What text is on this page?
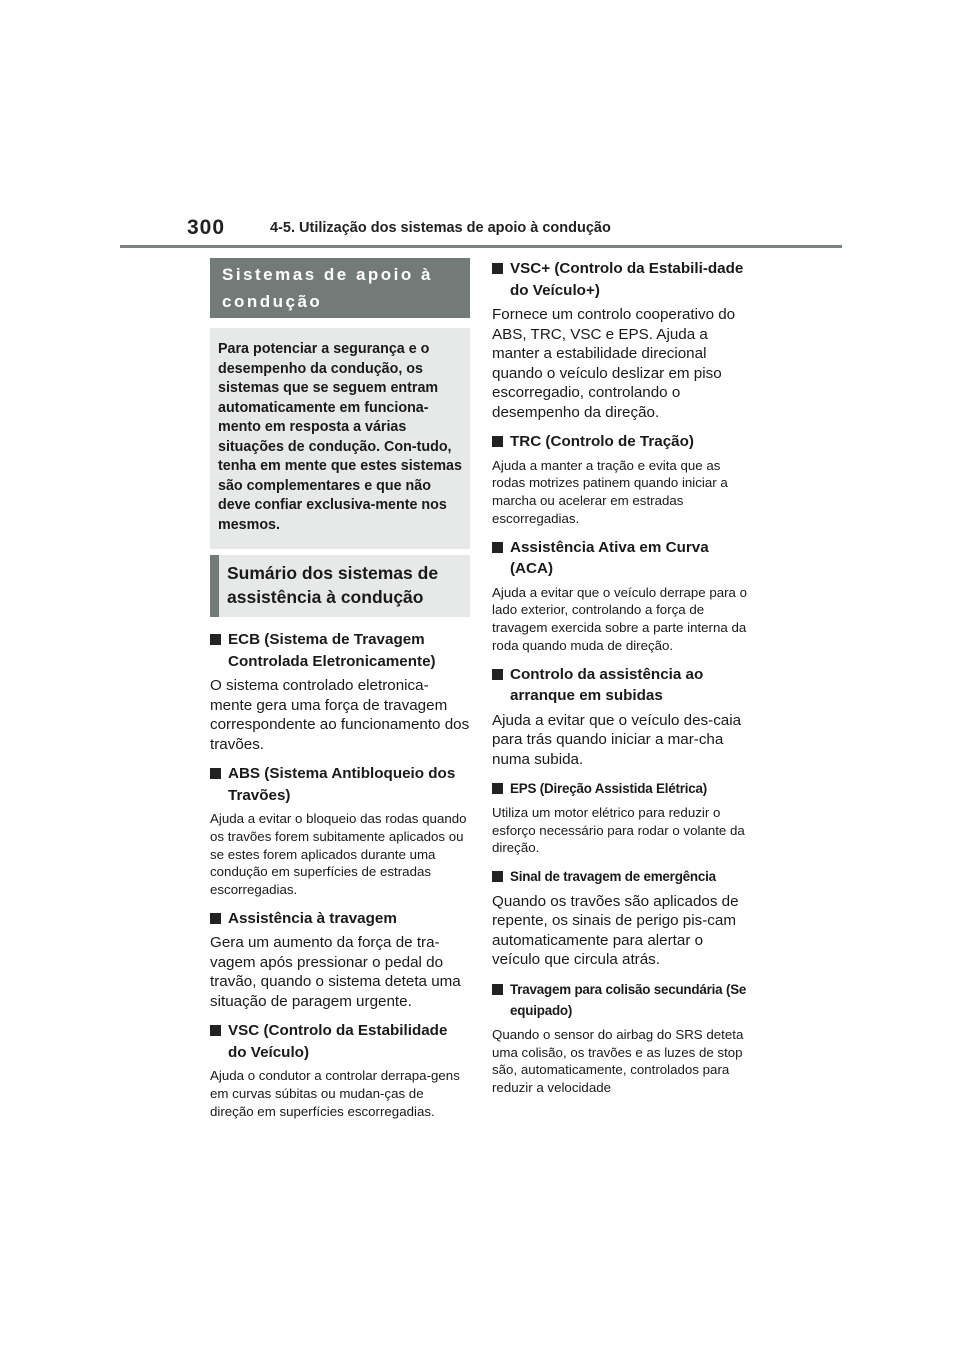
300	4-5. Utilização dos sistemas de apoio à condução
Sistemas de apoio à condução
Para potenciar a segurança e o desempenho da condução, os sistemas que se seguem entram automaticamente em funciona-mento em resposta a várias situações de condução. Con-tudo, tenha em mente que estes sistemas são complementares e que não deve confiar exclusiva-mente nos mesmos.
Sumário dos sistemas de assistência à condução
ECB (Sistema de Travagem Controlada Eletronicamente)
O sistema controlado eletronica-mente gera uma força de travagem correspondente ao funcionamento dos travões.
ABS (Sistema Antibloqueio dos Travões)
Ajuda a evitar o bloqueio das rodas quando os travões forem subitamente aplicados ou se estes forem aplicados durante uma condução em superfícies de estradas escorregadias.
Assistência à travagem
Gera um aumento da força de tra-vagem após pressionar o pedal do travão, quando o sistema deteta uma situação de paragem urgente.
VSC (Controlo da Estabilidade do Veículo)
Ajuda o condutor a controlar derrapa-gens em curvas súbitas ou mudan-ças de direção em superfícies escorregadias.
VSC+ (Controlo da Estabili-dade do Veículo+)
Fornece um controlo cooperativo do ABS, TRC, VSC e EPS. Ajuda a manter a estabilidade direcional quando o veículo deslizar em piso escorregadio, controlando o desempenho da direção.
TRC (Controlo de Tração)
Ajuda a manter a tração e evita que as rodas motrizes patinem quando iniciar a marcha ou acelerar em estradas escorregadias.
Assistência Ativa em Curva (ACA)
Ajuda a evitar que o veículo derrape para o lado exterior, controlando a força de travagem exercida sobre a parte interna da roda quando muda de direção.
Controlo da assistência ao arranque em subidas
Ajuda a evitar que o veículo des-caia para trás quando iniciar a mar-cha numa subida.
EPS (Direção Assistida Elétrica)
Utiliza um motor elétrico para reduzir o esforço necessário para rodar o volante da direção.
Sinal de travagem de emergência
Quando os travões são aplicados de repente, os sinais de perigo pis-cam automaticamente para alertar o veículo que circula atrás.
Travagem para colisão secundária (Se equipado)
Quando o sensor do airbag do SRS deteta uma colisão, os travões e as luzes de stop são, automaticamente, controlados para reduzir a velocidade
